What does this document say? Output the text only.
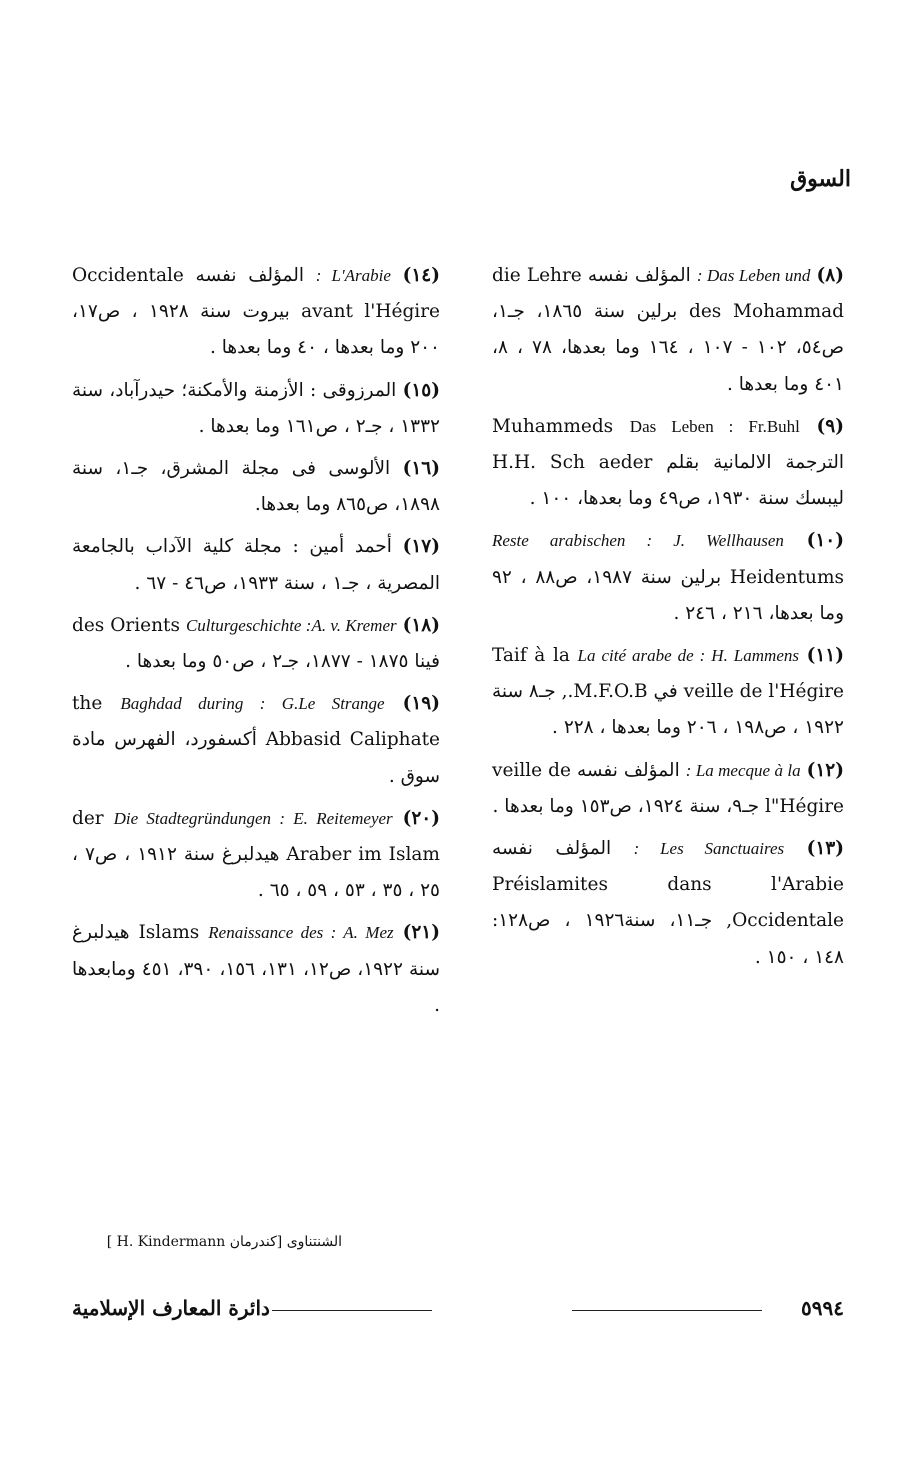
السوق

(٨) Das Leben und : المؤلف نفسه die Lehre des Mohammad برلين سنة ١٨٦٥، جـ١، ص٥٤، ١٠٢ - ١٠٧ ، ١٦٤ وما بعدها، ٧٨ ، ٨، ٤٠١ وما بعدها .

(٩) Das Leben : Fr.Buhl Muhammeds الترجمة الالمانية بقلم H.H. Sch aeder ليبسك سنة ١٩٣٠، ص٤٩ وما بعدها، ١٠٠ .

(١٠) Reste arabischen : J. Wellhausen Heidentums برلين سنة ١٩٨٧، ص٨٨ ، ٩٢ وما بعدها، ٢١٦ ، ٢٤٦ .

(١١) La cité arabe de : H. Lammens Taif à la veille de l'Hégire في M.F.O.B., جـ٨ سنة ١٩٢٢ ، ص١٩٨ ، ٢٠٦ وما بعدها ، ٢٢٨ .

(١٢) La mecque à la : المؤلف نفسه veille de l"Hégire جـ٩، سنة ١٩٢٤، ص١٥٣ وما بعدها .

(١٣) Les Sanctuaires : المؤلف نفسه Préislamites dans l'Arabie Occidentale, جـ١١، سنة١٩٢٦ ، ص١٢٨: ١٤٨ ، ١٥٠ .

(١٤) L'Arabie : المؤلف نفسه Occidentale avant l'Hégire بيروت سنة ١٩٢٨ ، ص١٧، ٢٠٠ وما بعدها ، ٤٠ وما بعدها .

(١٥) المرزوقى : الأزمنة والأمكنة؛ حيدرآباد، سنة ١٣٣٢ ، جـ٢ ، ص١٦١ وما بعدها .

(١٦) الألوسى فى مجلة المشرق، جـ١، سنة ١٨٩٨، ص٨٦٥ وما بعدها.

(١٧) أحمد أمين : مجلة كلية الآداب بالجامعة المصرية ، جـ١ ، سنة ١٩٣٣، ص٤٦ - ٦٧ .

(١٨) Culturgeschichte :A. v. Kremer des Orients فينا ١٨٧٥ - ١٨٧٧، جـ٢ ، ص٥٠ وما بعدها .

(١٩) Baghdad during : G.Le Strange the Abbasid Caliphate أكسفورد، الفهرس مادة سوق .

(٢٠) Die Stadtegründungen : E. Reitemeyer der Araber im Islam هيدلبرغ سنة ١٩١٢ ، ص٧ ، ٢٥ ، ٣٥ ، ٥٣ ، ٥٩ ، ٦٥ .

(٢١) Renaissance des : A. Mez Islams هيدلبرغ سنة ١٩٢٢، ص١٢، ١٣١، ١٥٦، ٣٩٠، ٤٥١ ومابعدها .

الشنتناوى [كندرمان H. Kindermann ]
٥٩٩٤
دائرة المعارف الإسلامية
